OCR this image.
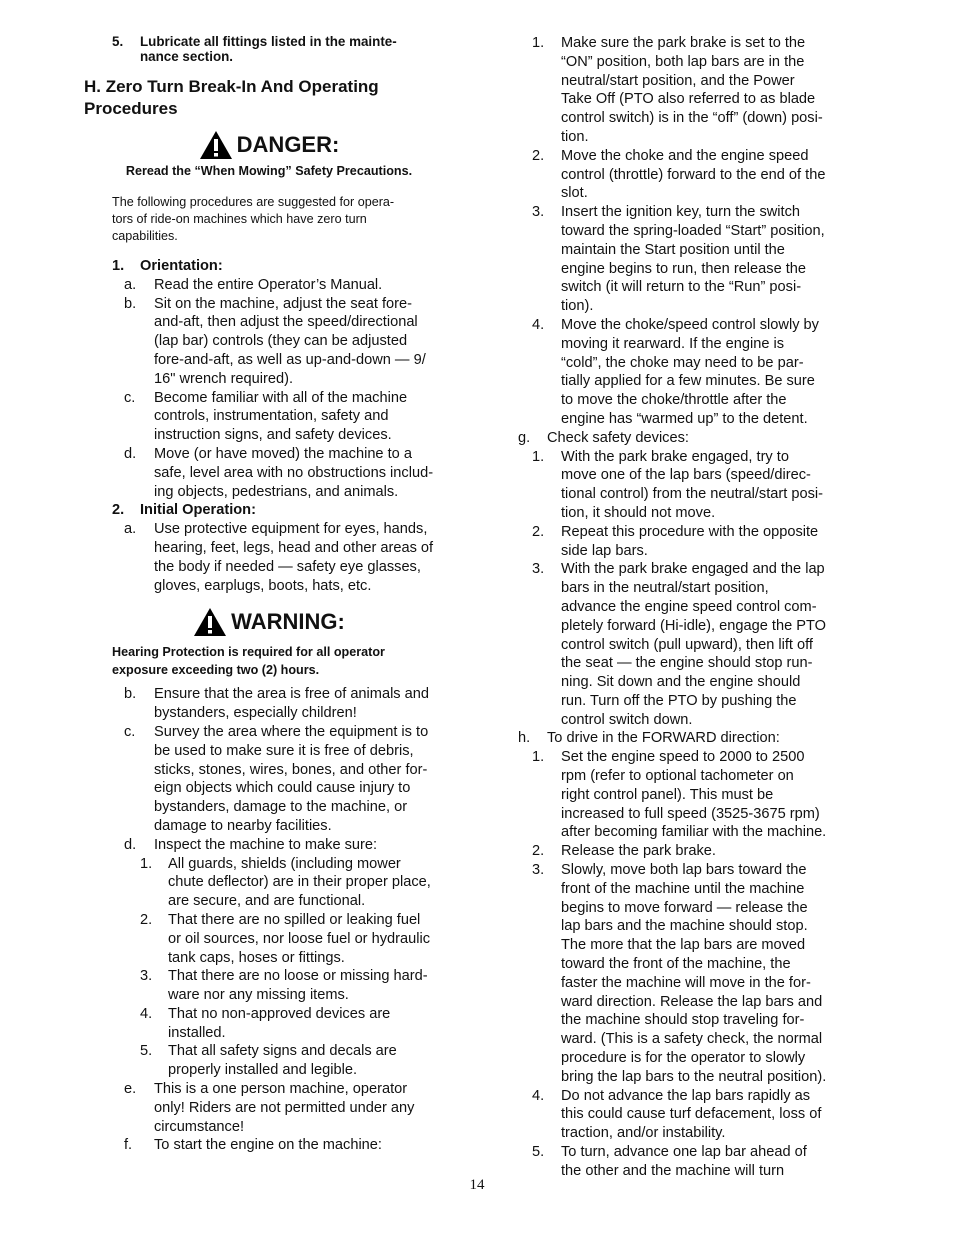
5.	Lubricate all fittings listed in the mainte-
nance section.
H. Zero Turn Break-In And Operating
Procedures
DANGER:
Reread the “When Mowing” Safety Precautions.
The following procedures are suggested for opera-
tors of ride-on machines which have zero turn
capabilities.
1.	Orientation:
a.	Read the entire Operator’s Manual.
b.	Sit on the machine, adjust the seat fore-
and-aft, then adjust the speed/directional
(lap bar) controls (they can be adjusted
fore-and-aft, as well as up-and-down — 9/
16" wrench required).
c.	Become familiar with all of the machine
controls, instrumentation, safety and
instruction signs, and safety devices.
d.	Move (or have moved) the machine to a
safe, level area with no obstructions includ-
ing objects, pedestrians, and animals.
2.	Initial Operation:
a.	Use protective equipment for eyes, hands,
hearing, feet, legs, head and other areas of
the body if needed — safety eye glasses,
gloves, earplugs, boots, hats, etc.
WARNING:
Hearing Protection is required for all operator
exposure exceeding two (2) hours.
b.	Ensure that the area is free of animals and
bystanders, especially children!
c.	Survey the area where the equipment is to
be used to make sure it is free of debris,
sticks, stones, wires, bones, and other for-
eign objects which could cause injury to
bystanders, damage to the machine, or
damage to nearby facilities.
d.	Inspect the machine to make sure:
1.	All guards, shields (including mower
chute deflector) are in their proper place,
are secure, and are functional.
2.	That there are no spilled or leaking fuel
or oil sources, nor loose fuel or hydraulic
tank caps, hoses or fittings.
3.	That there are no loose or missing hard-
ware nor any missing items.
4.	That no non-approved devices are
installed.
5.	That all safety signs and decals are
properly installed and legible.
e.	This is a one person machine, operator
only! Riders are not permitted under any
circumstance!
f.	To start the engine on the machine:
1.	Make sure the park brake is set to the
“ON” position, both lap bars are in the
neutral/start position, and the Power
Take Off (PTO also referred to as blade
control switch) is in the “off” (down) posi-
tion.
2.	Move the choke and the engine speed
control (throttle) forward to the end of the
slot.
3.	Insert the ignition key, turn the switch
toward the spring-loaded “Start” position,
maintain the Start position until the
engine begins to run, then release the
switch (it will return to the “Run” posi-
tion).
4.	Move the choke/speed control slowly by
moving it rearward. If the engine is
“cold”, the choke may need to be par-
tially applied for a few minutes. Be sure
to move the choke/throttle after the
engine has “warmed up” to the detent.
g.	Check safety devices:
1.	With the park brake engaged, try to
move one of the lap bars (speed/direc-
tional control) from the neutral/start posi-
tion, it should not move.
2.	Repeat this procedure with the opposite
side lap bars.
3.	With the park brake engaged and the lap
bars in the neutral/start position,
advance the engine speed control com-
pletely forward (Hi-idle), engage the PTO
control switch (pull upward), then lift off
the seat — the engine should stop run-
ning. Sit down and the engine should
run. Turn off the PTO by pushing the
control switch down.
h.	To drive in the FORWARD direction:
1.	Set the engine speed to 2000 to 2500
rpm (refer to optional tachometer on
right control panel). This must be
increased to full speed (3525-3675 rpm)
after becoming familiar with the machine.
2.	Release the park brake.
3.	Slowly, move both lap bars toward the
front of the machine until the machine
begins to move forward — release the
lap bars and the machine should stop.
The more that the lap bars are moved
toward the front of the machine, the
faster the machine will move in the for-
ward direction. Release the lap bars and
the machine should stop traveling for-
ward. (This is a safety check, the normal
procedure is for the operator to slowly
bring the lap bars to the neutral position).
4.	Do not advance the lap bars rapidly as
this could cause turf defacement, loss of
traction, and/or instability.
5.	To turn, advance one lap bar ahead of
the other and the machine will turn
14
